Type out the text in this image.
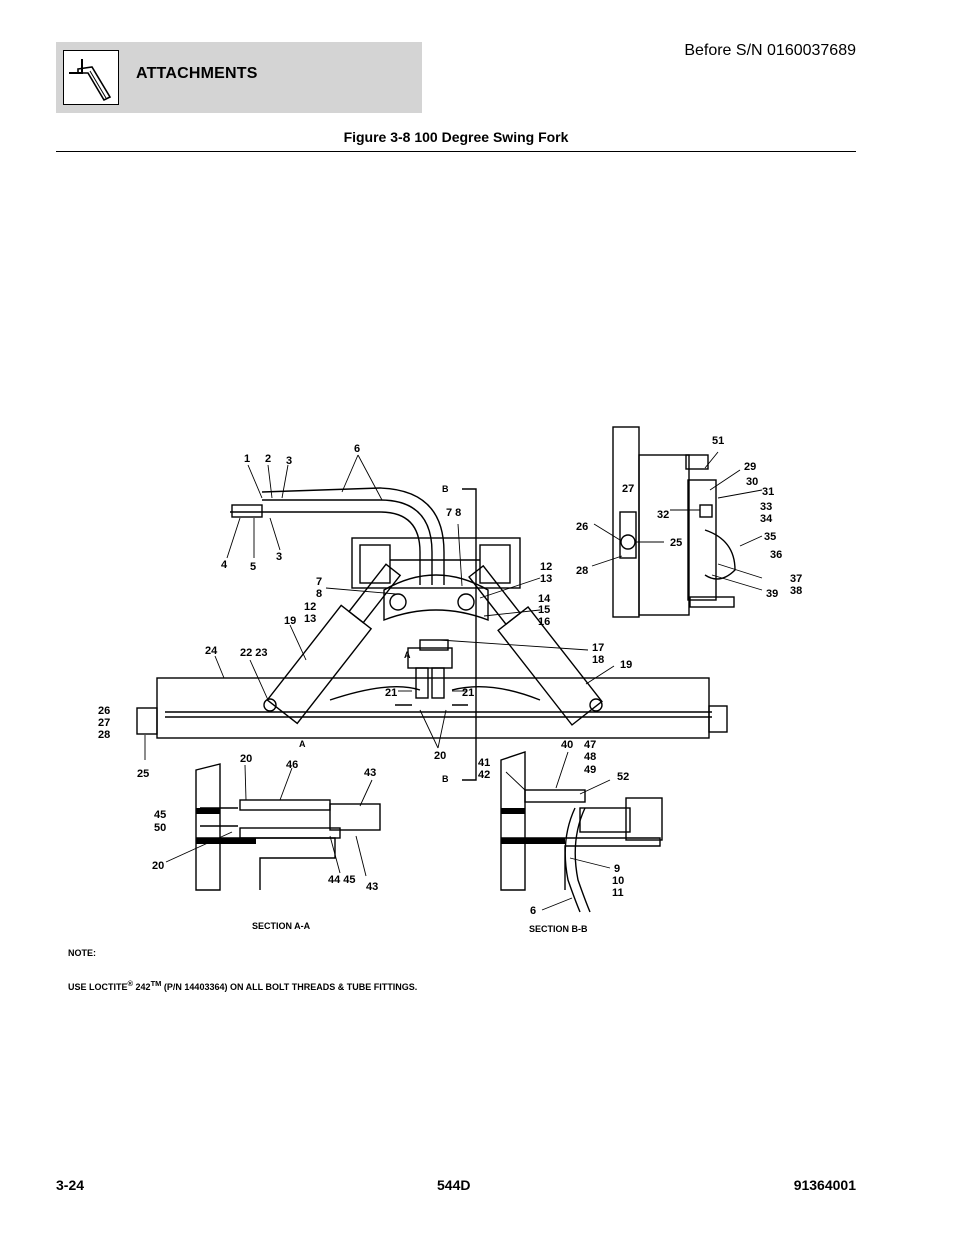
ATTACHMENTS
Before S/N 0160037689
Figure 3-8 100 Degree Swing Fork
1 2 3
6
4 5
3
7 8
7
8
12
13
12
13
14
15
16
17
18
19
19
22 23
24
26
27
28
25
21	21
20
B
B
A
A
51
29
30
31
27
32
33
34
35
36
26
25
28
37
38
39
20	46
43
45
50
20
44 45
43
40
41
42
47
48
49
52
9
10
11
6
SECTION A-A	SECTION B-B
NOTE:
USE LOCTITE® 242™ (P/N 14403364) ON ALL BOLT THREADS & TUBE FITTINGS.
3-24	544D	91364001
